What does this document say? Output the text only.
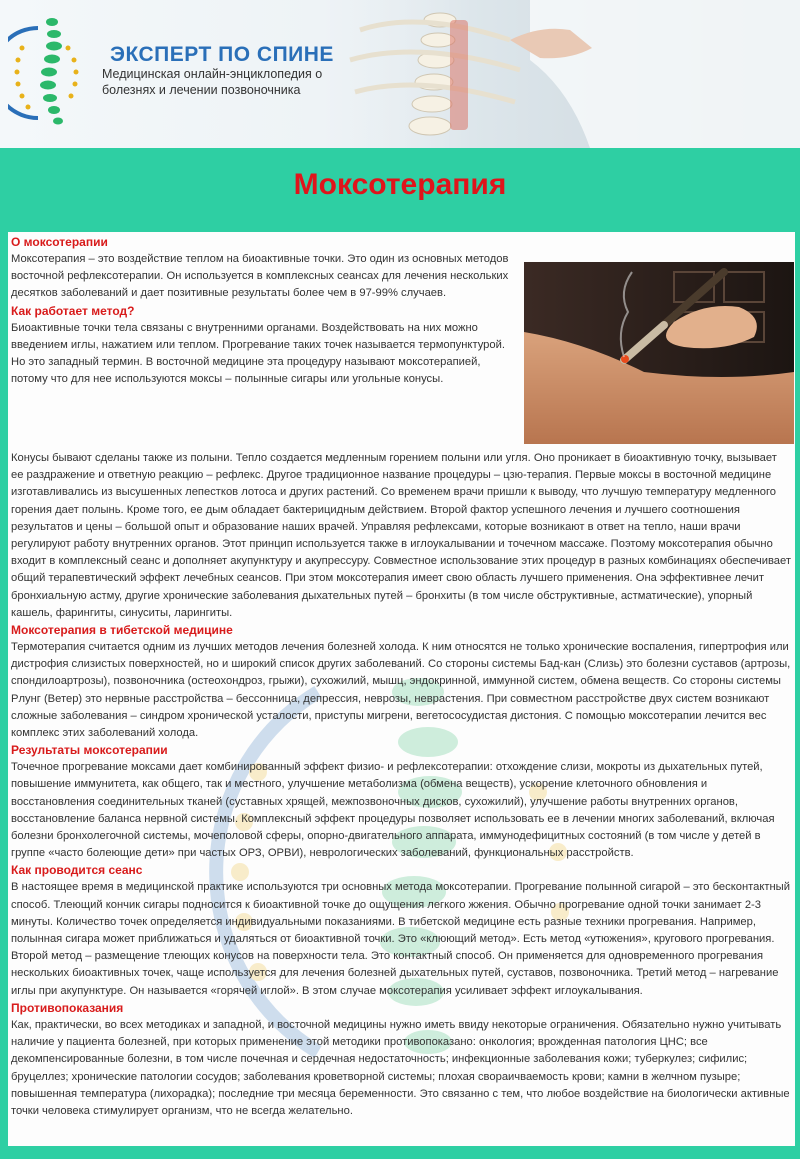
ЭКСПЕРТ ПО СПИНЕ
Медицинская онлайн-энциклопедия о болезнях и лечении позвоночника
Моксотерапия
О моксотерапии

Моксотерапия – это воздействие теплом на биоактивные точки. Это один из основных методов восточной рефлексотерапии. Он используется в комплексных сеансах для лечения нескольких десятков заболеваний и дает позитивные результаты более чем в 97-99% случаев.

Как работает метод?

Биоактивные точки тела связаны с внутренними органами. Воздействовать на них можно введением иглы, нажатием или теплом. Прогревание таких точек называется термопунктурой. Но это западный термин. В восточной медицине эта процедуру называют моксотерапией, потому что для нее используются моксы – полынные сигары или угольные конусы.

Конусы бывают сделаны также из полыни. Тепло создается медленным горением полыни или угля. Оно проникает в биоактивную точку, вызывает ее раздражение и ответную реакцию – рефлекс. Другое традиционное название процедуры – цзю-терапия. Первые моксы в восточной медицине изготавливались из высушенных лепестков лотоса и других растений. Со временем врачи пришли к выводу, что лучшую температуру медленного горения дает полынь. Кроме того, ее дым обладает бактерицидным действием. Второй фактор успешного лечения и лучшего соотношения результатов и цены – большой опыт и образование наших врачей. Управляя рефлексами, которые возникают в ответ на тепло, наши врачи регулируют работу внутренних органов. Этот принцип используется также в иглоукалывании и точечном массаже. Поэтому моксотерапия обычно входит в комплексный сеанс и дополняет акупунктуру и акупрессуру. Совместное использование этих процедур в разных комбинациях обеспечивает общий терапевтический эффект лечебных сеансов. При этом моксотерапия имеет свою область лучшего применения. Она эффективнее лечит бронхиальную астму, другие хронические заболевания дыхательных путей – бронхиты (в том числе обструктивные, астматические), упорный кашель, фарингиты, синуситы, ларингиты.

Моксотерапия в тибетской медицине

Термотерапия считается одним из лучших методов лечения болезней холода. К ним относятся не только хронические воспаления, гипертрофия или дистрофия слизистых поверхностей, но и широкий список других заболеваний. Со стороны системы Бад-кан (Слизь) это болезни суставов (артрозы, спондилоартрозы), позвоночника (остеохондроз, грыжи), сухожилий, мышц, эндокринной, иммунной систем, обмена веществ. Со стороны системы Рлунг (Ветер) это нервные расстройства – бессонница, депрессия, неврозы, неврастения. При совместном расстройстве двух систем возникают сложные заболевания – синдром хронической усталости, приступы мигрени, вегетососудистая дистония. С помощью моксотерапии лечится вес комплекс этих заболеваний холода.

Результаты моксотерапии

Точечное прогревание моксами дает комбинированный эффект физио- и рефлексотерапии: отхождение слизи, мокроты из дыхательных путей, повышение иммунитета, как общего, так и местного, улучшение метаболизма (обмена веществ), ускорение клеточного обновления и восстановления соединительных тканей (суставных хрящей, межпозвоночных дисков, сухожилий), улучшение работы внутренних органов, восстановление баланса нервной системы. Комплексный эффект процедуры позволяет использовать ее в лечении многих заболеваний, включая болезни бронхолегочной системы, мочеполовой сферы, опорно-двигательного аппарата, иммунодефицитных состояний (в том числе у детей в группе «часто болеющие дети» при частых ОРЗ, ОРВИ), неврологических заболеваний, функциональных расстройств.

Как проводится сеанс

В настоящее время в медицинской практике используются три основных метода моксотерапии. Прогревание полынной сигарой – это бесконтактный способ. Тлеющий кончик сигары подносится к биоактивной точке до ощущения легкого жжения. Обычно прогревание одной точки занимает 2-3 минуты. Количество точек определяется индивидуальными показаниями. В тибетской медицине есть разные техники прогревания. Например, полынная сигара может приближаться и удаляться от биоактивной точки. Это «клюющий метод». Есть метод «утюжения», кругового прогревания. Второй метод – размещение тлеющих конусов на поверхности тела. Это контактный способ. Он применяется для одновременного прогревания нескольких биоактивных точек, чаще используется для лечения болезней дыхательных путей, суставов, позвоночника. Третий метод – нагревание иглы при акупунктуре. Он называется «горячей иглой». В этом случае моксотерапия усиливает эффект иглоукалывания.

Противопоказания

Как, практически, во всех методиках и западной, и восточной медицины нужно иметь ввиду некоторые ограничения. Обязательно нужно учитывать наличие у пациента болезней, при которых применение этой методики противопоказано: онкология; врожденная патология ЦНС; все декомпенсированные болезни, в том числе почечная и сердечная недостаточность; инфекционные заболевания кожи; туберкулез; сифилис; бруцеллез; хронические патологии сосудов; заболевания кроветворной системы; плохая свораичваемость крови; камни в желчном пузыре; повышенная температура (лихорадка); последние три месяца беременности. Это связанно с тем, что любое воздействие на биологически активные точки человека стимулирует организм, что не всегда желательно.
